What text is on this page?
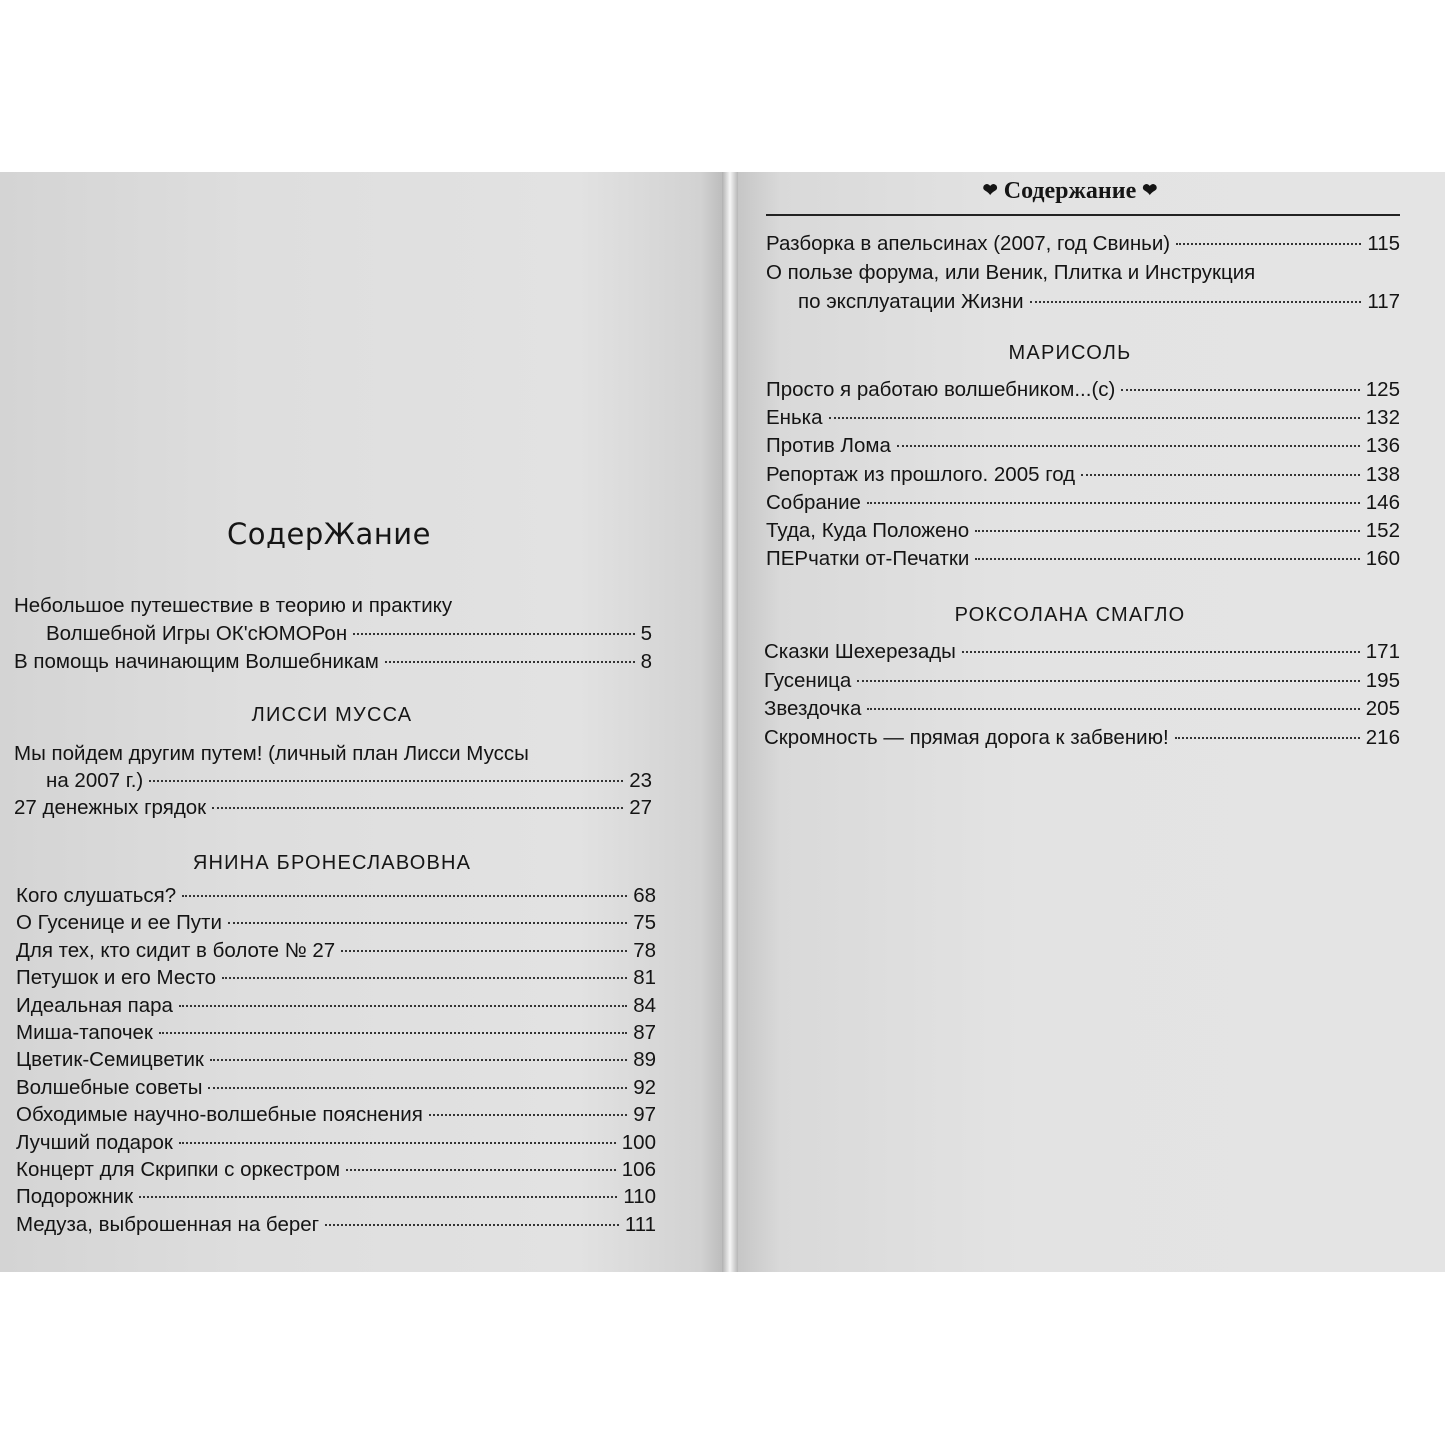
СодерЖание
Небольшое путешествие в теорию и практику
Волшебной Игры ОК'сЮМОРон	5
В помощь начинающим Волшебникам	8
ЛИССИ МУССА
Мы пойдем другим путем! (личный план Лисси Муссы
на 2007 г.)	23
27 денежных грядок	27
ЯНИНА БРОНЕСЛАВОВНА
Кого слушаться?	68
О Гусенице и ее Пути	75
Для тех, кто сидит в болоте № 27	78
Петушок и его Место	81
Идеальная пара	84
Миша-тапочек	87
Цветик-Семицветик	89
Волшебные советы	92
Обходимые научно-волшебные пояснения	97
Лучший подарок	100
Концерт для Скрипки с оркестром	106
Подорожник	110
Медуза, выброшенная на берег	111
❤ Содержание ❤
Разборка в апельсинах (2007, год Свиньи)	115
О пользе форума, или Веник, Плитка и Инструкция
по эксплуатации Жизни	117
МАРИСОЛЬ
Просто я работаю волшебником...(с)	125
Енька	132
Против Лома	136
Репортаж из прошлого. 2005 год	138
Собрание	146
Туда, Куда Положено	152
ПЕРчатки от-Печатки	160
РОКСОЛАНА СМАГЛО
Сказки Шехерезады	171
Гусеница	195
Звездочка	205
Скромность — прямая дорога к забвению!	216
